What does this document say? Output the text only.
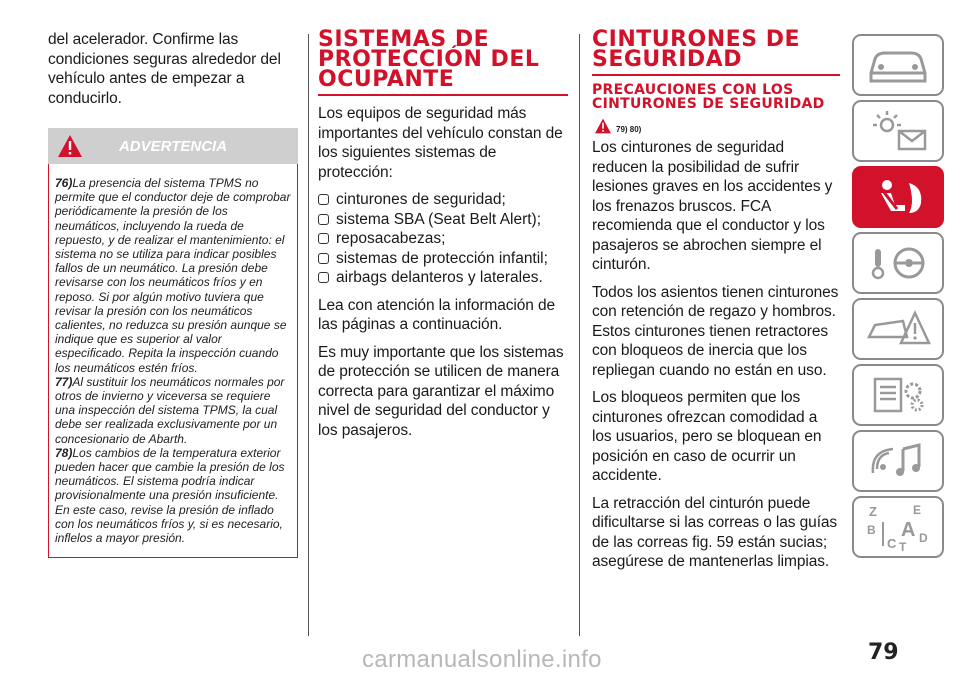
del acelerador. Confirme las condiciones seguras alrededor del vehículo antes de empezar a conducirlo.

ADVERTENCIA

76)La presencia del sistema TPMS no permite que el conductor deje de comprobar periódicamente la presión de los neumáticos, incluyendo la rueda de repuesto, y de realizar el mantenimiento: el sistema no se utiliza para indicar posibles fallos de un neumático. La presión debe revisarse con los neumáticos fríos y en reposo. Si por algún motivo tuviera que revisar la presión con los neumáticos calientes, no reduzca su presión aunque se indique que es superior al valor especificado. Repita la inspección cuando los neumáticos estén fríos.

77)Al sustituir los neumáticos normales por otros de invierno y viceversa se requiere una inspección del sistema TPMS, la cual debe ser realizada exclusivamente por un concesionario de Abarth.

78)Los cambios de la temperatura exterior pueden hacer que cambie la presión de los neumáticos. El sistema podría indicar provisionalmente una presión insuficiente. En este caso, revise la presión de inflado con los neumáticos fríos y, si es necesario, inflelos a mayor presión.

SISTEMAS DE PROTECCIÓN DEL OCUPANTE

Los equipos de seguridad más importantes del vehículo constan de los siguientes sistemas de protección:

cinturones de seguridad;
sistema SBA (Seat Belt Alert);
reposacabezas;
sistemas de protección infantil;
airbags delanteros y laterales.

Lea con atención la información de las páginas a continuación.

Es muy importante que los sistemas de protección se utilicen de manera correcta para garantizar el máximo nivel de seguridad del conductor y los pasajeros.

CINTURONES DE SEGURIDAD
PRECAUCIONES CON LOS CINTURONES DE SEGURIDAD
79) 80)

Los cinturones de seguridad reducen la posibilidad de sufrir lesiones graves en los accidentes y los frenazos bruscos. FCA recomienda que el conductor y los pasajeros se abrochen siempre el cinturón.

Todos los asientos tienen cinturones con retención de regazo y hombros. Estos cinturones tienen retractores con bloqueos de inercia que los repliegan cuando no están en uso.

Los bloqueos permiten que los cinturones ofrezcan comodidad a los usuarios, pero se bloquean en posición en caso de ocurrir un accidente.

La retracción del cinturón puede dificultarse si las correas o las guías de las correas fig. 59 están sucias; asegúrese de mantenerlas limpias.

Z	E
B A D
C T
79
carmanualsonline.info
